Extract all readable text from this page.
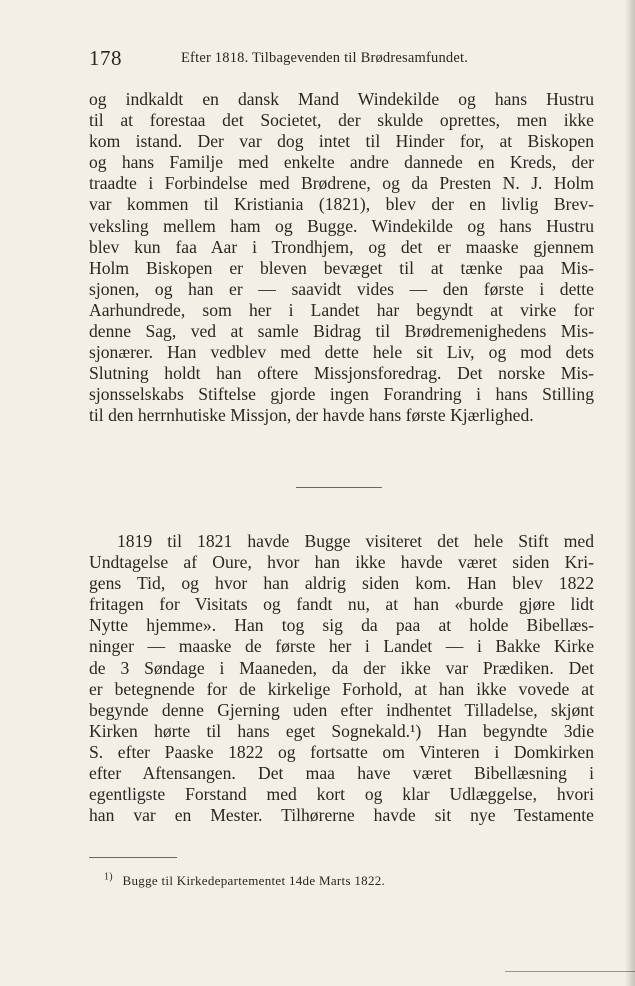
178	Efter 1818. Tilbagevenden til Brødresamfundet.
og indkaldt en dansk Mand Windekilde og hans Hustru
til at forestaa det Societet, der skulde oprettes, men ikke
kom istand. Der var dog intet til Hinder for, at Biskopen
og hans Familje med enkelte andre dannede en Kreds, der
traadte i Forbindelse med Brødrene, og da Presten N. J. Holm
var kommen til Kristiania (1821), blev der en livlig Brev-
veksling mellem ham og Bugge. Windekilde og hans Hustru
blev kun faa Aar i Trondhjem, og det er maaske gjennem
Holm Biskopen er bleven bevæget til at tænke paa Mis-
sjonen, og han er — saavidt vides — den første i dette
Aarhundrede, som her i Landet har begyndt at virke for
denne Sag, ved at samle Bidrag til Brødremenighedens Mis-
sjonærer. Han vedblev med dette hele sit Liv, og mod dets
Slutning holdt han oftere Missjonsforedrag. Det norske Mis-
sjonsselskabs Stiftelse gjorde ingen Forandring i hans Stilling
til den herrnhutiske Missjon, der havde hans første Kjærlighed.
1819 til 1821 havde Bugge visiteret det hele Stift med
Undtagelse af Oure, hvor han ikke havde været siden Kri-
gens Tid, og hvor han aldrig siden kom. Han blev 1822
fritagen for Visitats og fandt nu, at han «burde gjøre lidt
Nytte hjemme». Han tog sig da paa at holde Bibellæs-
ninger — maaske de første her i Landet — i Bakke Kirke
de 3 Søndage i Maaneden, da der ikke var Prædiken. Det
er betegnende for de kirkelige Forhold, at han ikke vovede at
begynde denne Gjerning uden efter indhentet Tilladelse, skjønt
Kirken hørte til hans eget Sognekald.¹) Han begyndte 3die
S. efter Paaske 1822 og fortsatte om Vinteren i Domkirken
efter Aftensangen. Det maa have været Bibellæsning i
egentligste Forstand med kort og klar Udlæggelse, hvori
han var en Mester. Tilhørerne havde sit nye Testamente
$^{1)}$ Bugge til Kirkedepartementet 14de Marts 1822.
